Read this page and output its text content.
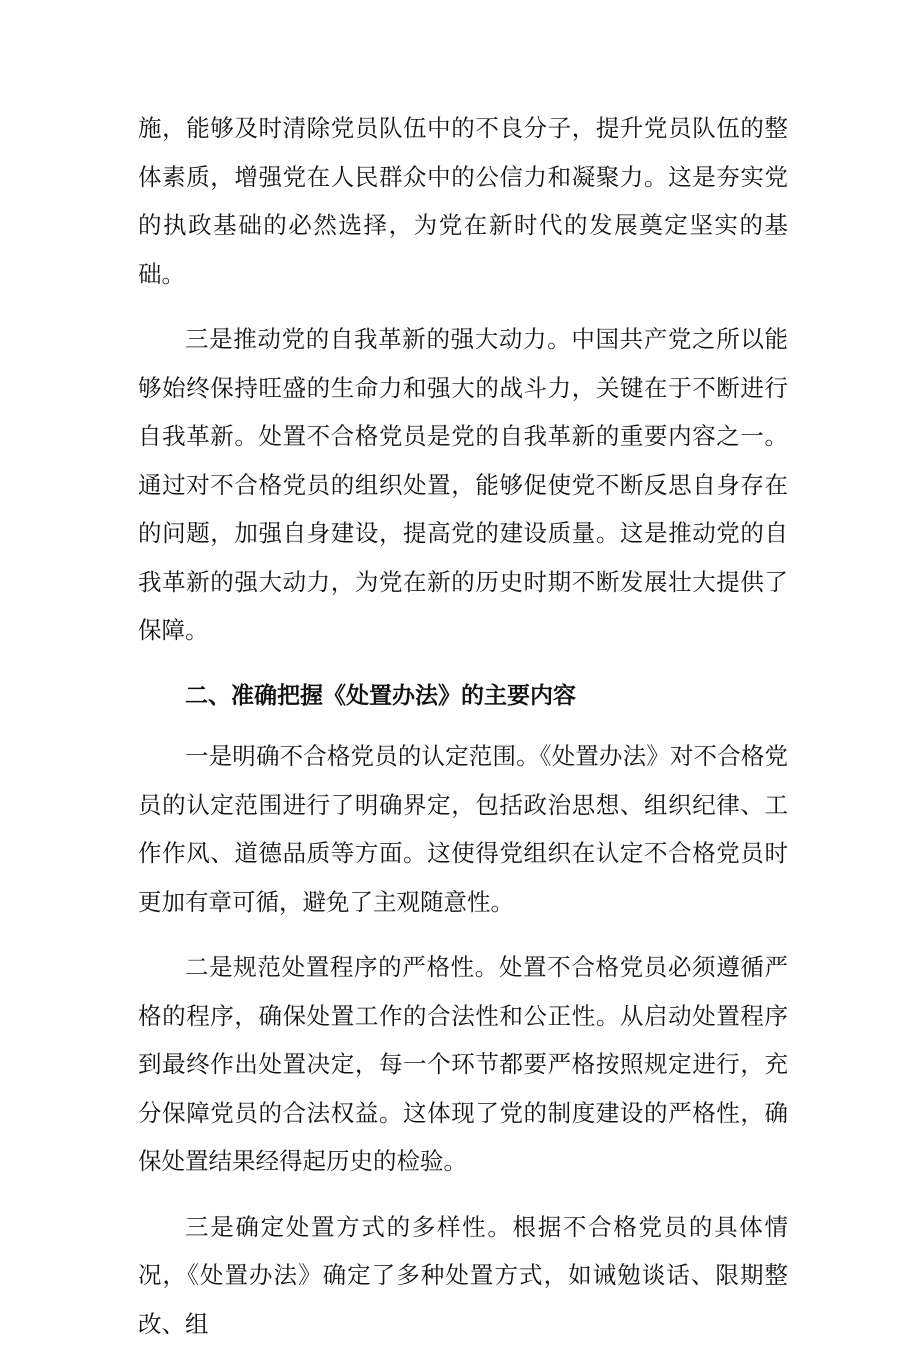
施，能够及时清除党员队伍中的不良分子，提升党员队伍的整体素质，增强党在人民群众中的公信力和凝聚力。这是夯实党的执政基础的必然选择，为党在新时代的发展奠定坚实的基础。

三是推动党的自我革新的强大动力。中国共产党之所以能够始终保持旺盛的生命力和强大的战斗力，关键在于不断进行自我革新。处置不合格党员是党的自我革新的重要内容之一。通过对不合格党员的组织处置，能够促使党不断反思自身存在的问题，加强自身建设，提高党的建设质量。这是推动党的自我革新的强大动力，为党在新的历史时期不断发展壮大提供了保障。

二、准确把握《处置办法》的主要内容

一是明确不合格党员的认定范围。《处置办法》对不合格党员的认定范围进行了明确界定，包括政治思想、组织纪律、工作作风、道德品质等方面。这使得党组织在认定不合格党员时更加有章可循，避免了主观随意性。

二是规范处置程序的严格性。处置不合格党员必须遵循严格的程序，确保处置工作的合法性和公正性。从启动处置程序到最终作出处置决定，每一个环节都要严格按照规定进行，充分保障党员的合法权益。这体现了党的制度建设的严格性，确保处置结果经得起历史的检验。

三是确定处置方式的多样性。根据不合格党员的具体情况，《处置办法》确定了多种处置方式，如诫勉谈话、限期整改、组
